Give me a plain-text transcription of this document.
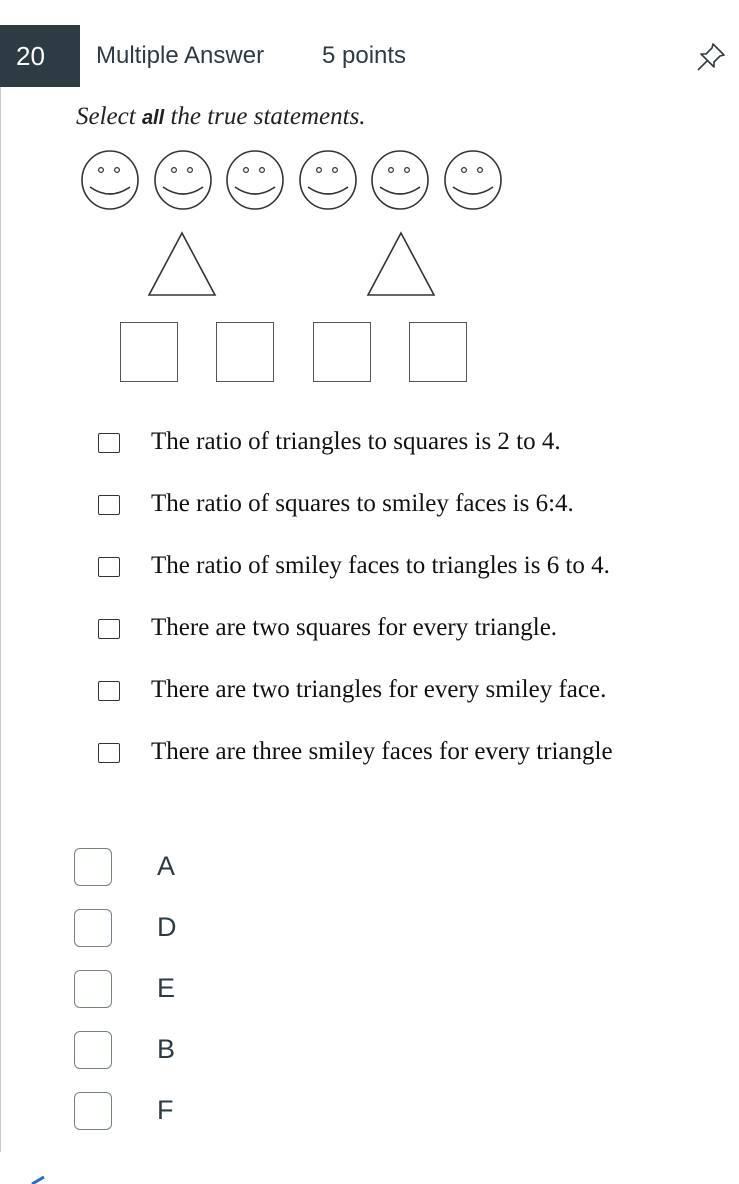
20	Multiple Answer 5 points
Select all the true statements.
The ratio of triangles to squares is 2 to 4.
The ratio of squares to smiley faces is 6:4.
The ratio of smiley faces to triangles is 6 to 4.
There are two squares for every triangle.
There are two triangles for every smiley face.
There are three smiley faces for every triangle
A
D
E
B
F
